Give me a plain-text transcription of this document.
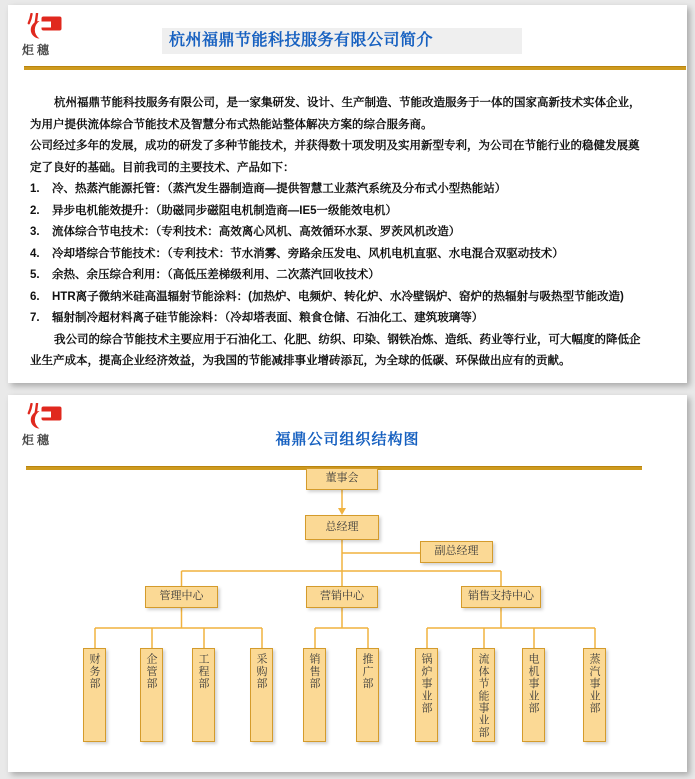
炬穗
杭州福鼎节能科技服务有限公司简介
杭州福鼎节能科技服务有限公司，是一家集研发、设计、生产制造、节能改造服务于一体的国家高新技术实体企业，
为用户提供流体综合节能技术及智慧分布式热能站整体解决方案的综合服务商。
公司经过多年的发展，成功的研发了多种节能技术，并获得数十项发明及实用新型专利，为公司在节能行业的稳健发展奠
定了良好的基础。目前我司的主要技术、产品如下：
1.	冷、热蒸汽能源托管：（蒸汽发生器制造商—提供智慧工业蒸汽系统及分布式小型热能站）
2.	异步电机能效提升：（助磁同步磁阻电机制造商—IE5一级能效电机）
3.	流体综合节电技术：（专利技术：高效离心风机、高效循环水泵、罗茨风机改造）
4.	冷却塔综合节能技术：（专利技术：节水消雾、旁路余压发电、风机电机直驱、水电混合双驱动技术）
5.	余热、余压综合利用：（高低压差梯级利用、二次蒸汽回收技术）
6.	HTR离子微纳米硅高温辐射节能涂料：(加热炉、电频炉、转化炉、水冷壁锅炉、窑炉的热辐射与吸热型节能改造)
7.	辐射制冷超材料离子硅节能涂料：（冷却塔表面、粮食仓储、石油化工、建筑玻璃等）
我公司的综合节能技术主要应用于石油化工、化肥、纺织、印染、钢铁冶炼、造纸、药业等行业，可大幅度的降低企
业生产成本，提高企业经济效益，为我国的节能减排事业增砖添瓦，为全球的低碳、环保做出应有的贡献。
炬穗	福鼎公司组织结构图
董事会
总经理
副总经理
管理中心	营销中心	销售支持中心
财务部	企管部	工程部	采购部	销售部	推广部	锅炉事业部	流体节能事业部	电机事业部	蒸汽事业部
